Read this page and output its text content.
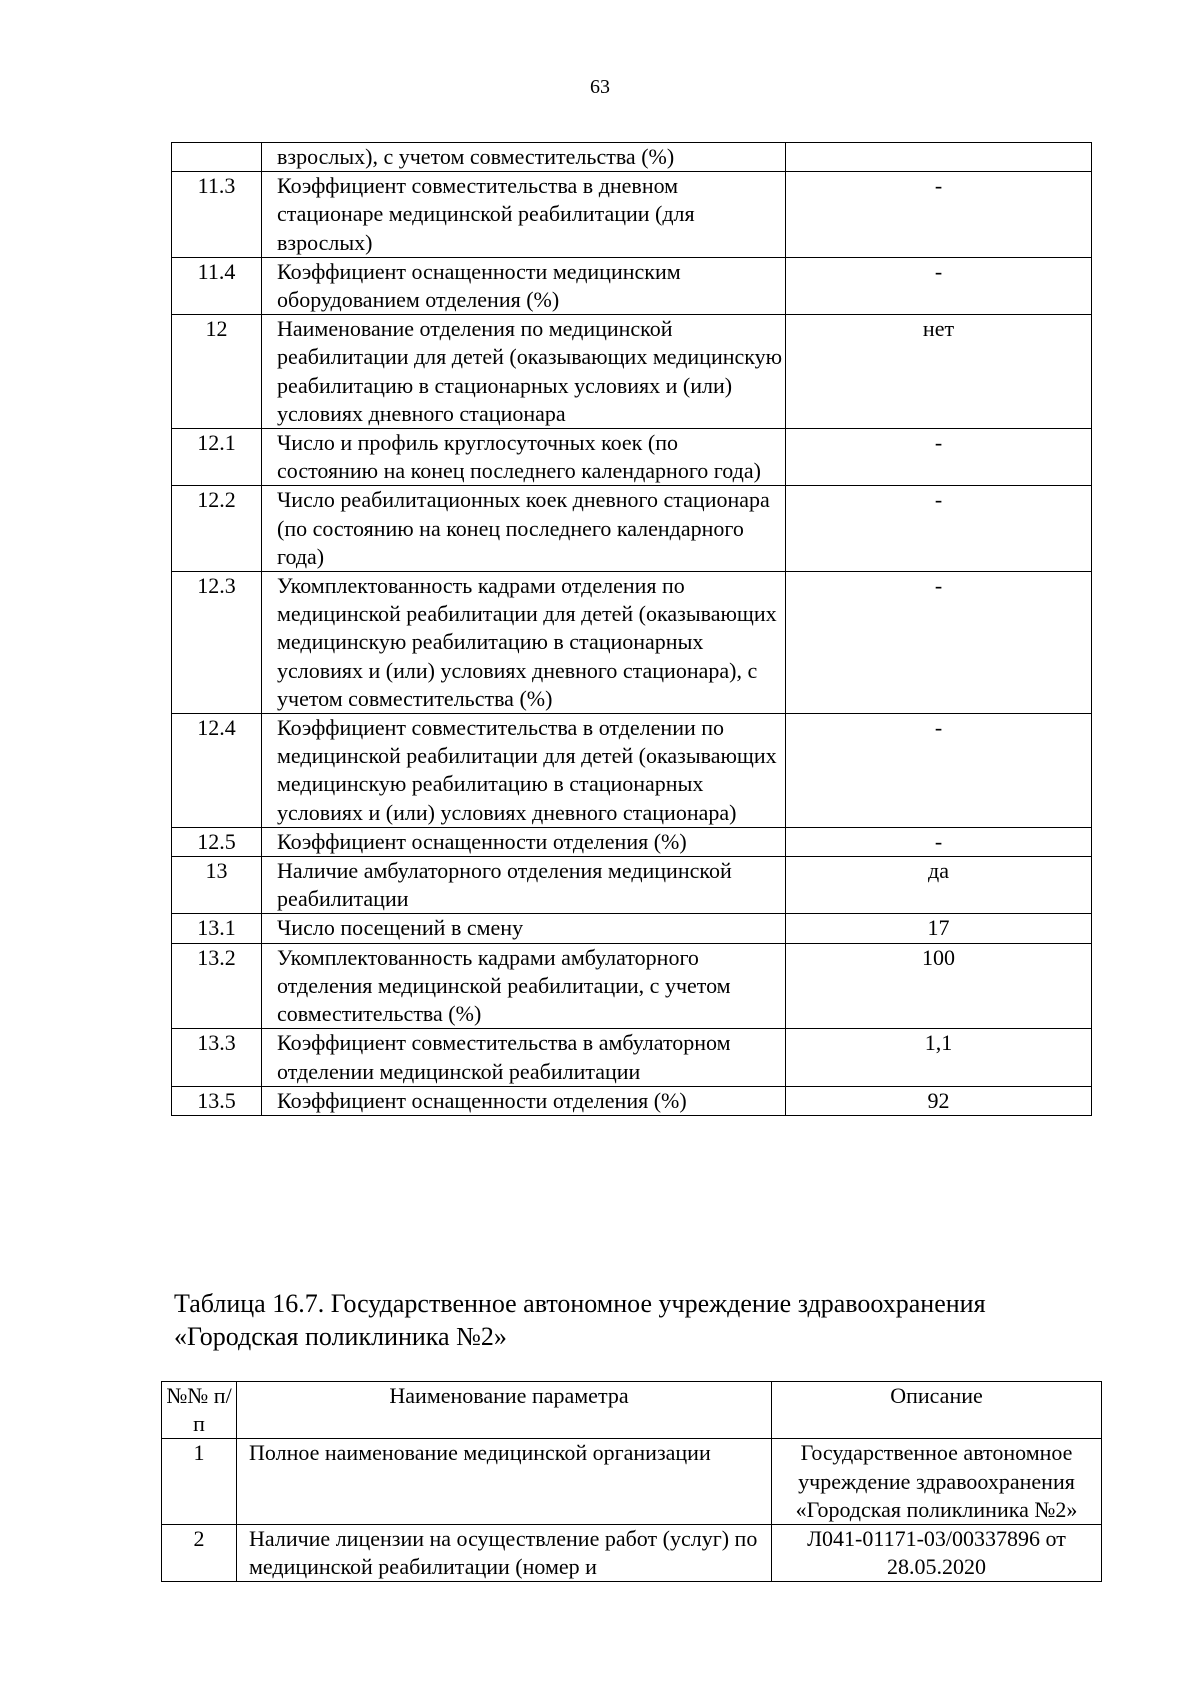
63
	взрослых), с учетом совместительства (%)	
11.3	Коэффициент совместительства в дневном стационаре медицинской реабилитации (для взрослых)	-
11.4	Коэффициент оснащенности медицинским оборудованием отделения (%)	-
12	Наименование отделения по медицинской реабилитации для детей (оказывающих медицинскую реабилитацию в стационарных условиях и (или) условиях дневного стационара	нет
12.1	Число и профиль круглосуточных коек (по состоянию на конец последнего календарного года)	-
12.2	Число реабилитационных коек дневного стационара (по состоянию на конец последнего календарного года)	-
12.3	Укомплектованность кадрами отделения по медицинской реабилитации для детей (оказывающих медицинскую реабилитацию в стационарных условиях и (или) условиях дневного стационара), с учетом совместительства (%)	-
12.4	Коэффициент совместительства в отделении по медицинской реабилитации для детей (оказывающих медицинскую реабилитацию в стационарных условиях и (или) условиях дневного стационара)	-
12.5	Коэффициент оснащенности отделения (%)	-
13	Наличие амбулаторного отделения медицинской реабилитации	да
13.1	Число посещений в смену	17
13.2	Укомплектованность кадрами амбулаторного отделения медицинской реабилитации, с учетом совместительства (%)	100
13.3	Коэффициент совместительства в амбулаторном отделении медицинской реабилитации	1,1
13.5	Коэффициент оснащенности отделения (%)	92
Таблица 16.7. Государственное автономное учреждение здравоохранения «Городская поликлиника №2»
№№ п/п	Наименование параметра	Описание
1	Полное наименование медицинской организации	Государственное автономное учреждение здравоохранения «Городская поликлиника №2»
2	Наличие лицензии на осуществление работ (услуг) по медицинской реабилитации (номер и	Л041-01171-03/00337896 от 28.05.2020
